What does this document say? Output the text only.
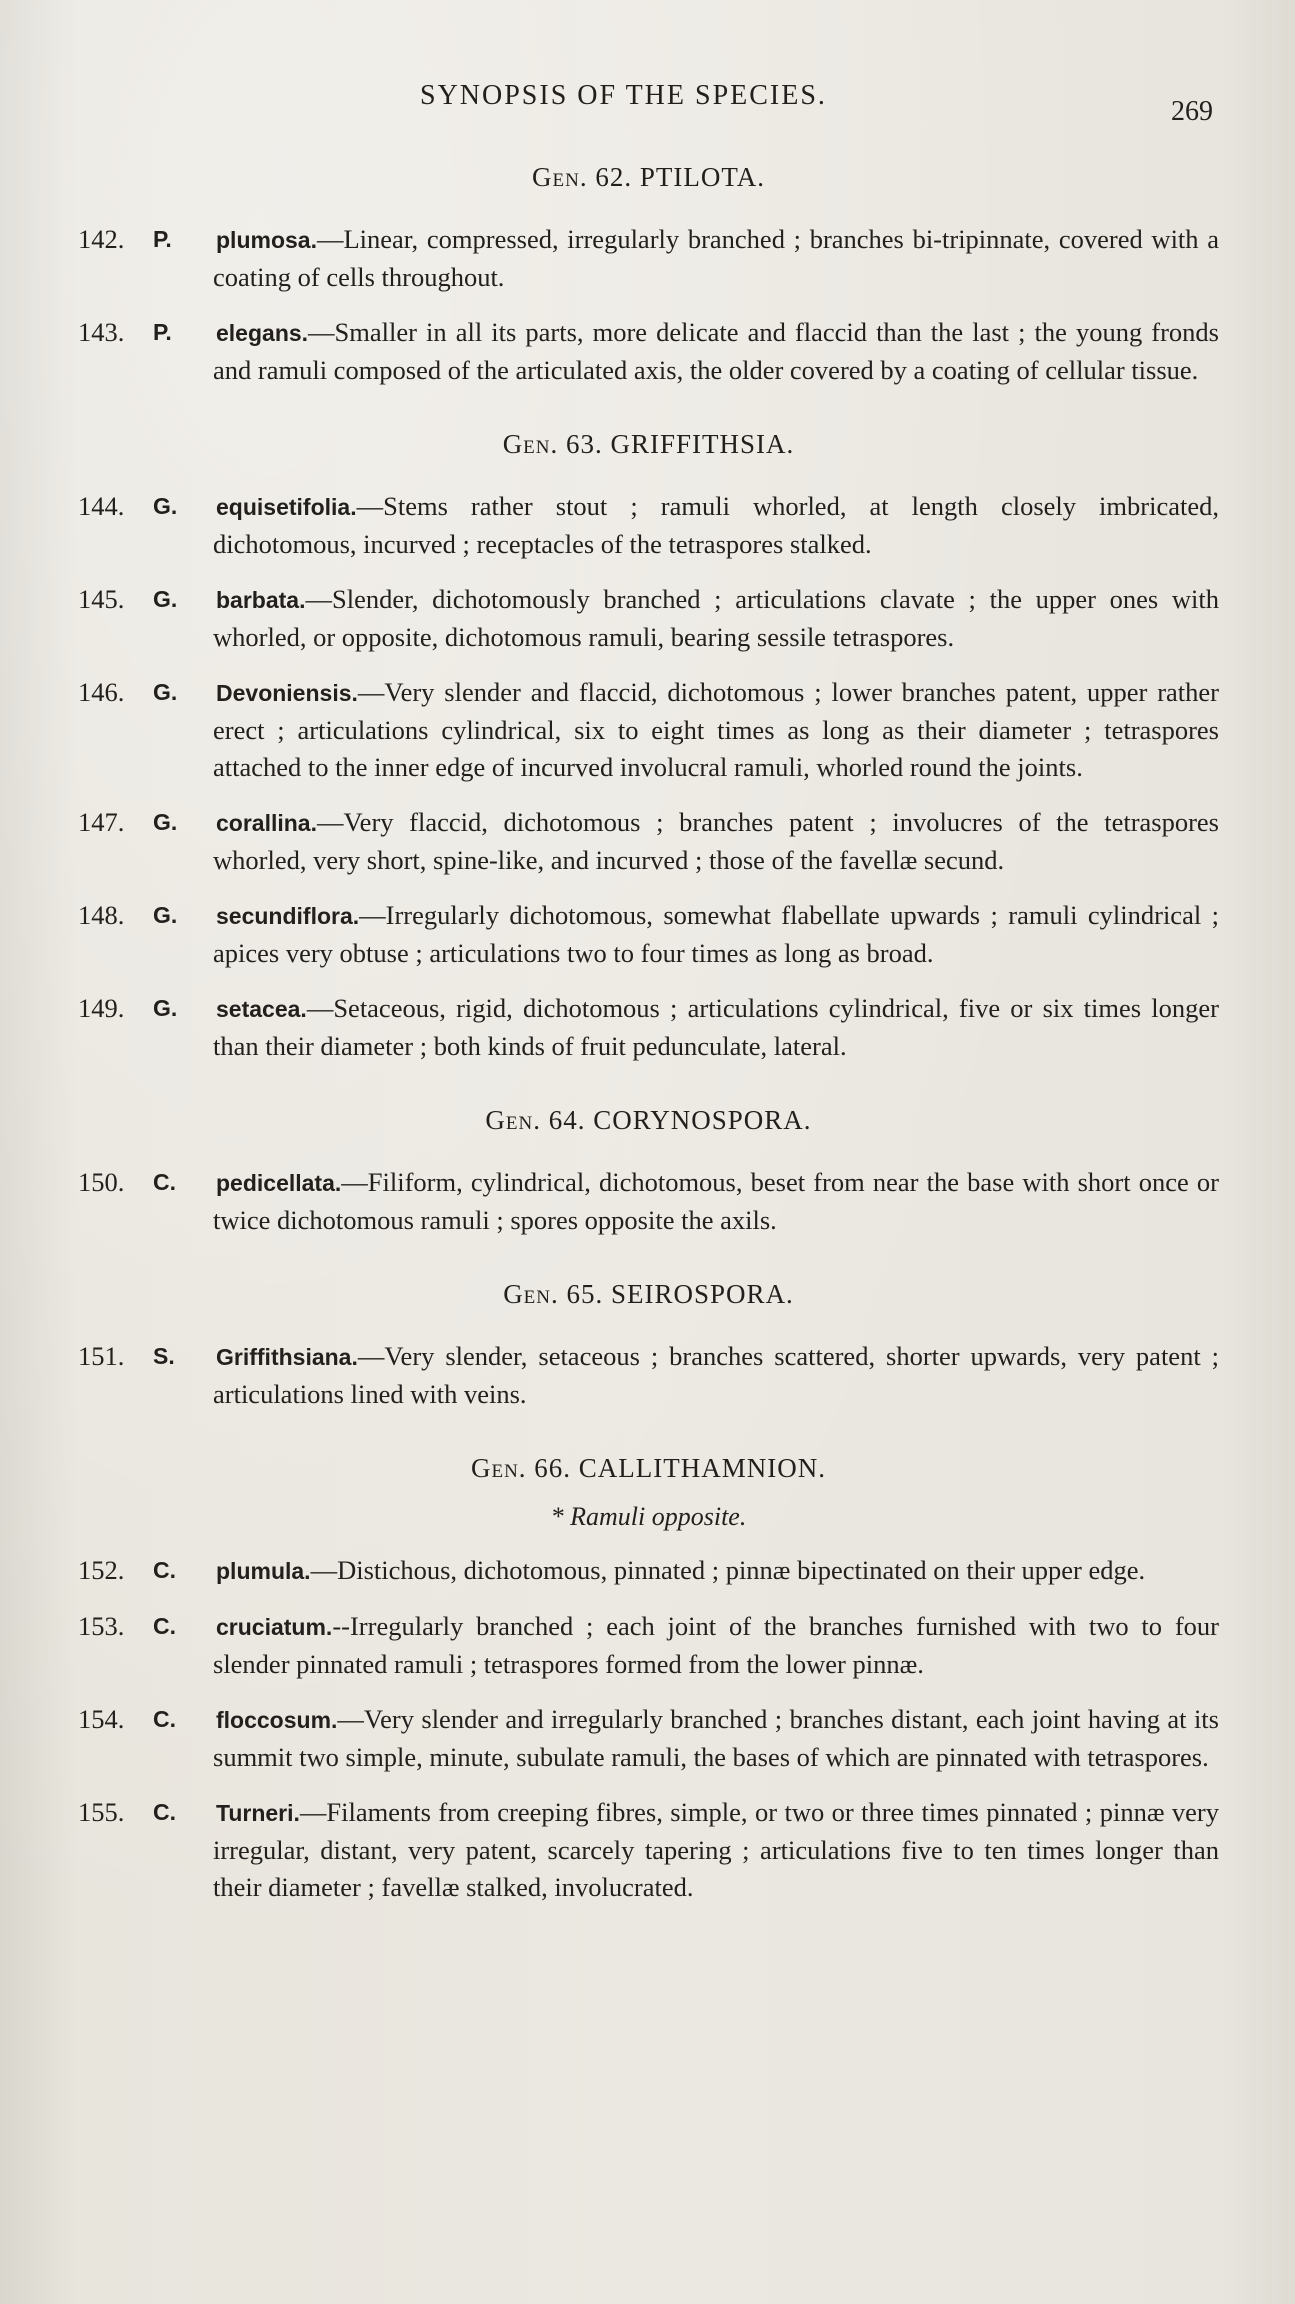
SYNOPSIS OF THE SPECIES.
269
Gen. 62. PTILOTA.
142.	P. plumosa.—Linear, compressed, irregularly branched ; branches bi-tripinnate, covered with a coating of cells throughout.
143.	P. elegans.—Smaller in all its parts, more delicate and flaccid than the last ; the young fronds and ramuli composed of the articulated axis, the older covered by a coating of cellular tissue.
Gen. 63. GRIFFITHSIA.
144.	G. equisetifolia.—Stems rather stout ; ramuli whorled, at length closely imbricated, dichotomous, incurved ; receptacles of the tetraspores stalked.
145.	G. barbata.—Slender, dichotomously branched ; articulations clavate ; the upper ones with whorled, or opposite, dichotomous ramuli, bearing sessile tetraspores.
146.	G. Devoniensis.—Very slender and flaccid, dichotomous ; lower branches patent, upper rather erect ; articulations cylindrical, six to eight times as long as their diameter ; tetraspores attached to the inner edge of incurved involucral ramuli, whorled round the joints.
147.	G. corallina.—Very flaccid, dichotomous ; branches patent ; involucres of the tetraspores whorled, very short, spine-like, and incurved ; those of the favellæ secund.
148.	G. secundiflora.—Irregularly dichotomous, somewhat flabellate upwards ; ramuli cylindrical ; apices very obtuse ; articulations two to four times as long as broad.
149.	G. setacea.—Setaceous, rigid, dichotomous ; articulations cylindrical, five or six times longer than their diameter ; both kinds of fruit pedunculate, lateral.
Gen. 64. CORYNOSPORA.
150.	C. pedicellata.—Filiform, cylindrical, dichotomous, beset from near the base with short once or twice dichotomous ramuli ; spores opposite the axils.
Gen. 65. SEIROSPORA.
151.	S. Griffithsiana.—Very slender, setaceous ; branches scattered, shorter upwards, very patent ; articulations lined with veins.
Gen. 66. CALLITHAMNION.
* Ramuli opposite.
152.	C. plumula.—Distichous, dichotomous, pinnated ; pinnæ bipectinated on their upper edge.
153.	C. cruciatum.--Irregularly branched ; each joint of the branches furnished with two to four slender pinnated ramuli ; tetraspores formed from the lower pinnæ.
154.	C. floccosum.—Very slender and irregularly branched ; branches distant, each joint having at its summit two simple, minute, subulate ramuli, the bases of which are pinnated with tetraspores.
155.	C. Turneri.—Filaments from creeping fibres, simple, or two or three times pinnated ; pinnæ very irregular, distant, very patent, scarcely tapering ; articulations five to ten times longer than their diameter ; favellæ stalked, involucrated.
